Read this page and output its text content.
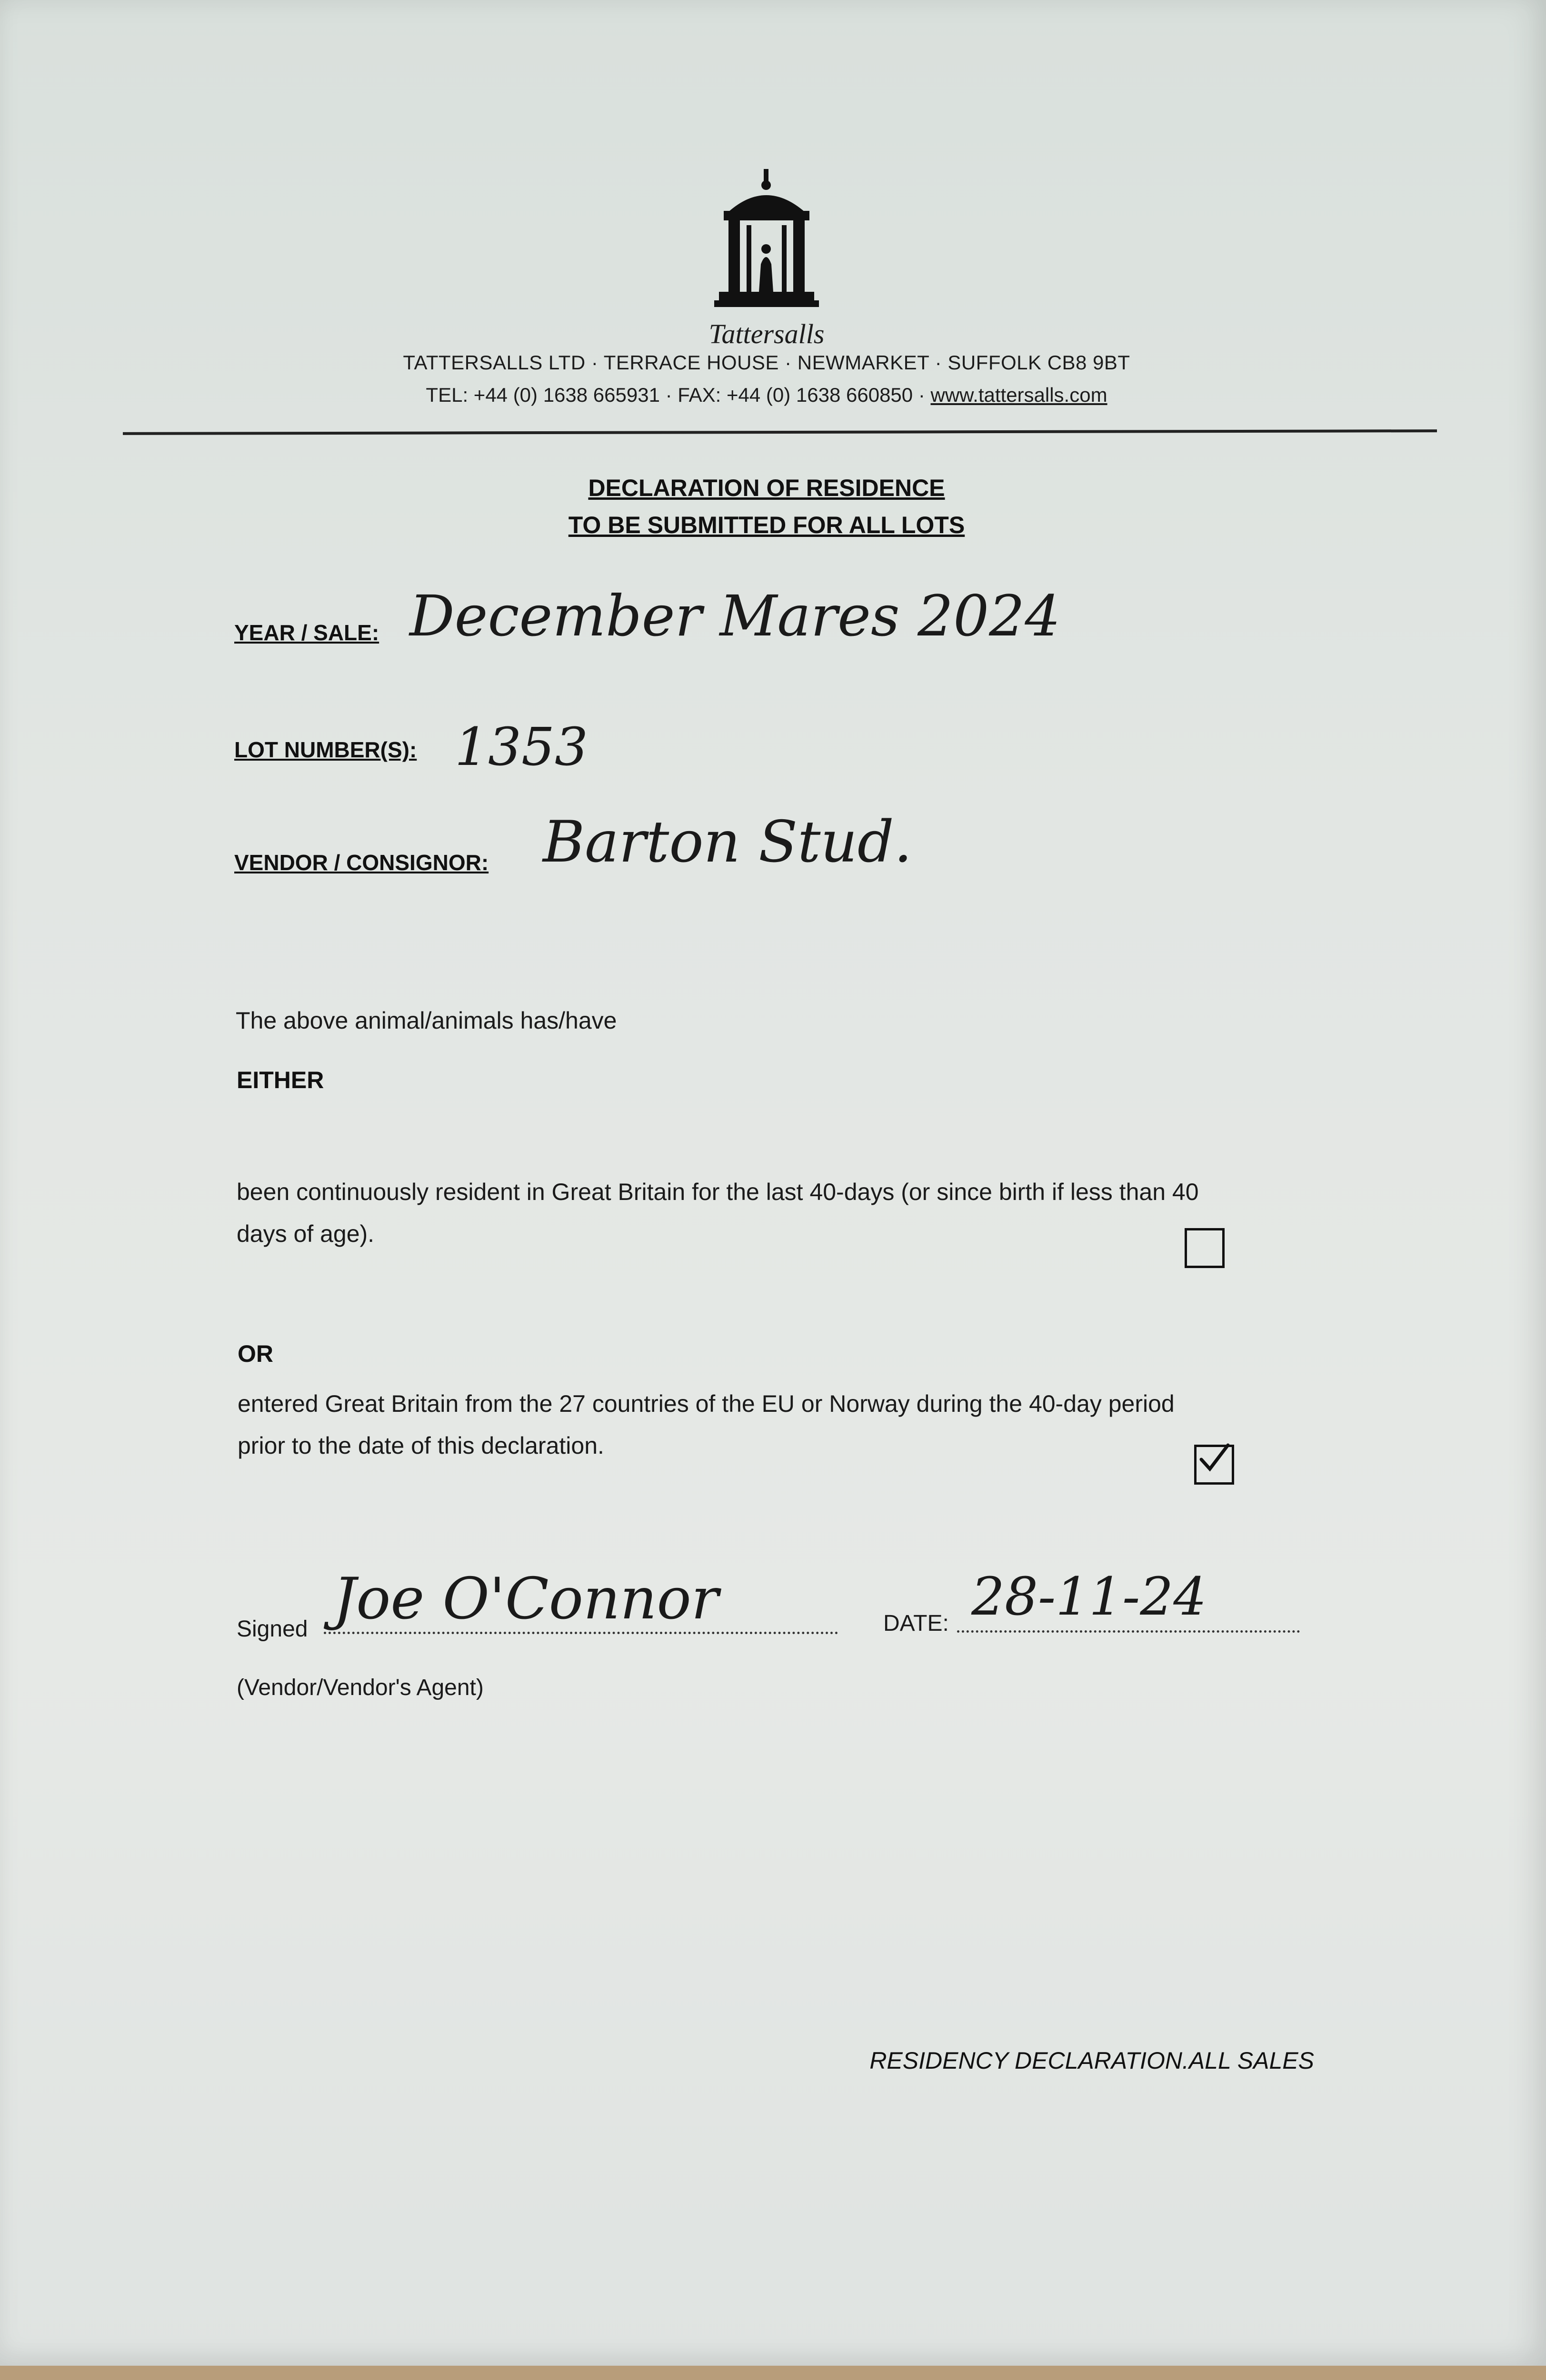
Tattersalls
TATTERSALLS LTD · TERRACE HOUSE · NEWMARKET · SUFFOLK CB8 9BT
TEL: +44 (0) 1638 665931 · FAX: +44 (0) 1638 660850 · www.tattersalls.com
DECLARATION OF RESIDENCE
TO BE SUBMITTED FOR ALL LOTS
YEAR / SALE: December Mares 2024
LOT NUMBER(S): 1353
VENDOR / CONSIGNOR: Barton Stud.
The above animal/animals has/have
EITHER
been continuously resident in Great Britain for the last 40-days (or since birth if less than 40
days of age).
OR
entered Great Britain from the 27 countries of the EU or Norway during the 40-day period
prior to the date of this declaration.
Signed Joe O'Connor	DATE: 28-11-24
(Vendor/Vendor's Agent)
RESIDENCY DECLARATION.ALL SALES
